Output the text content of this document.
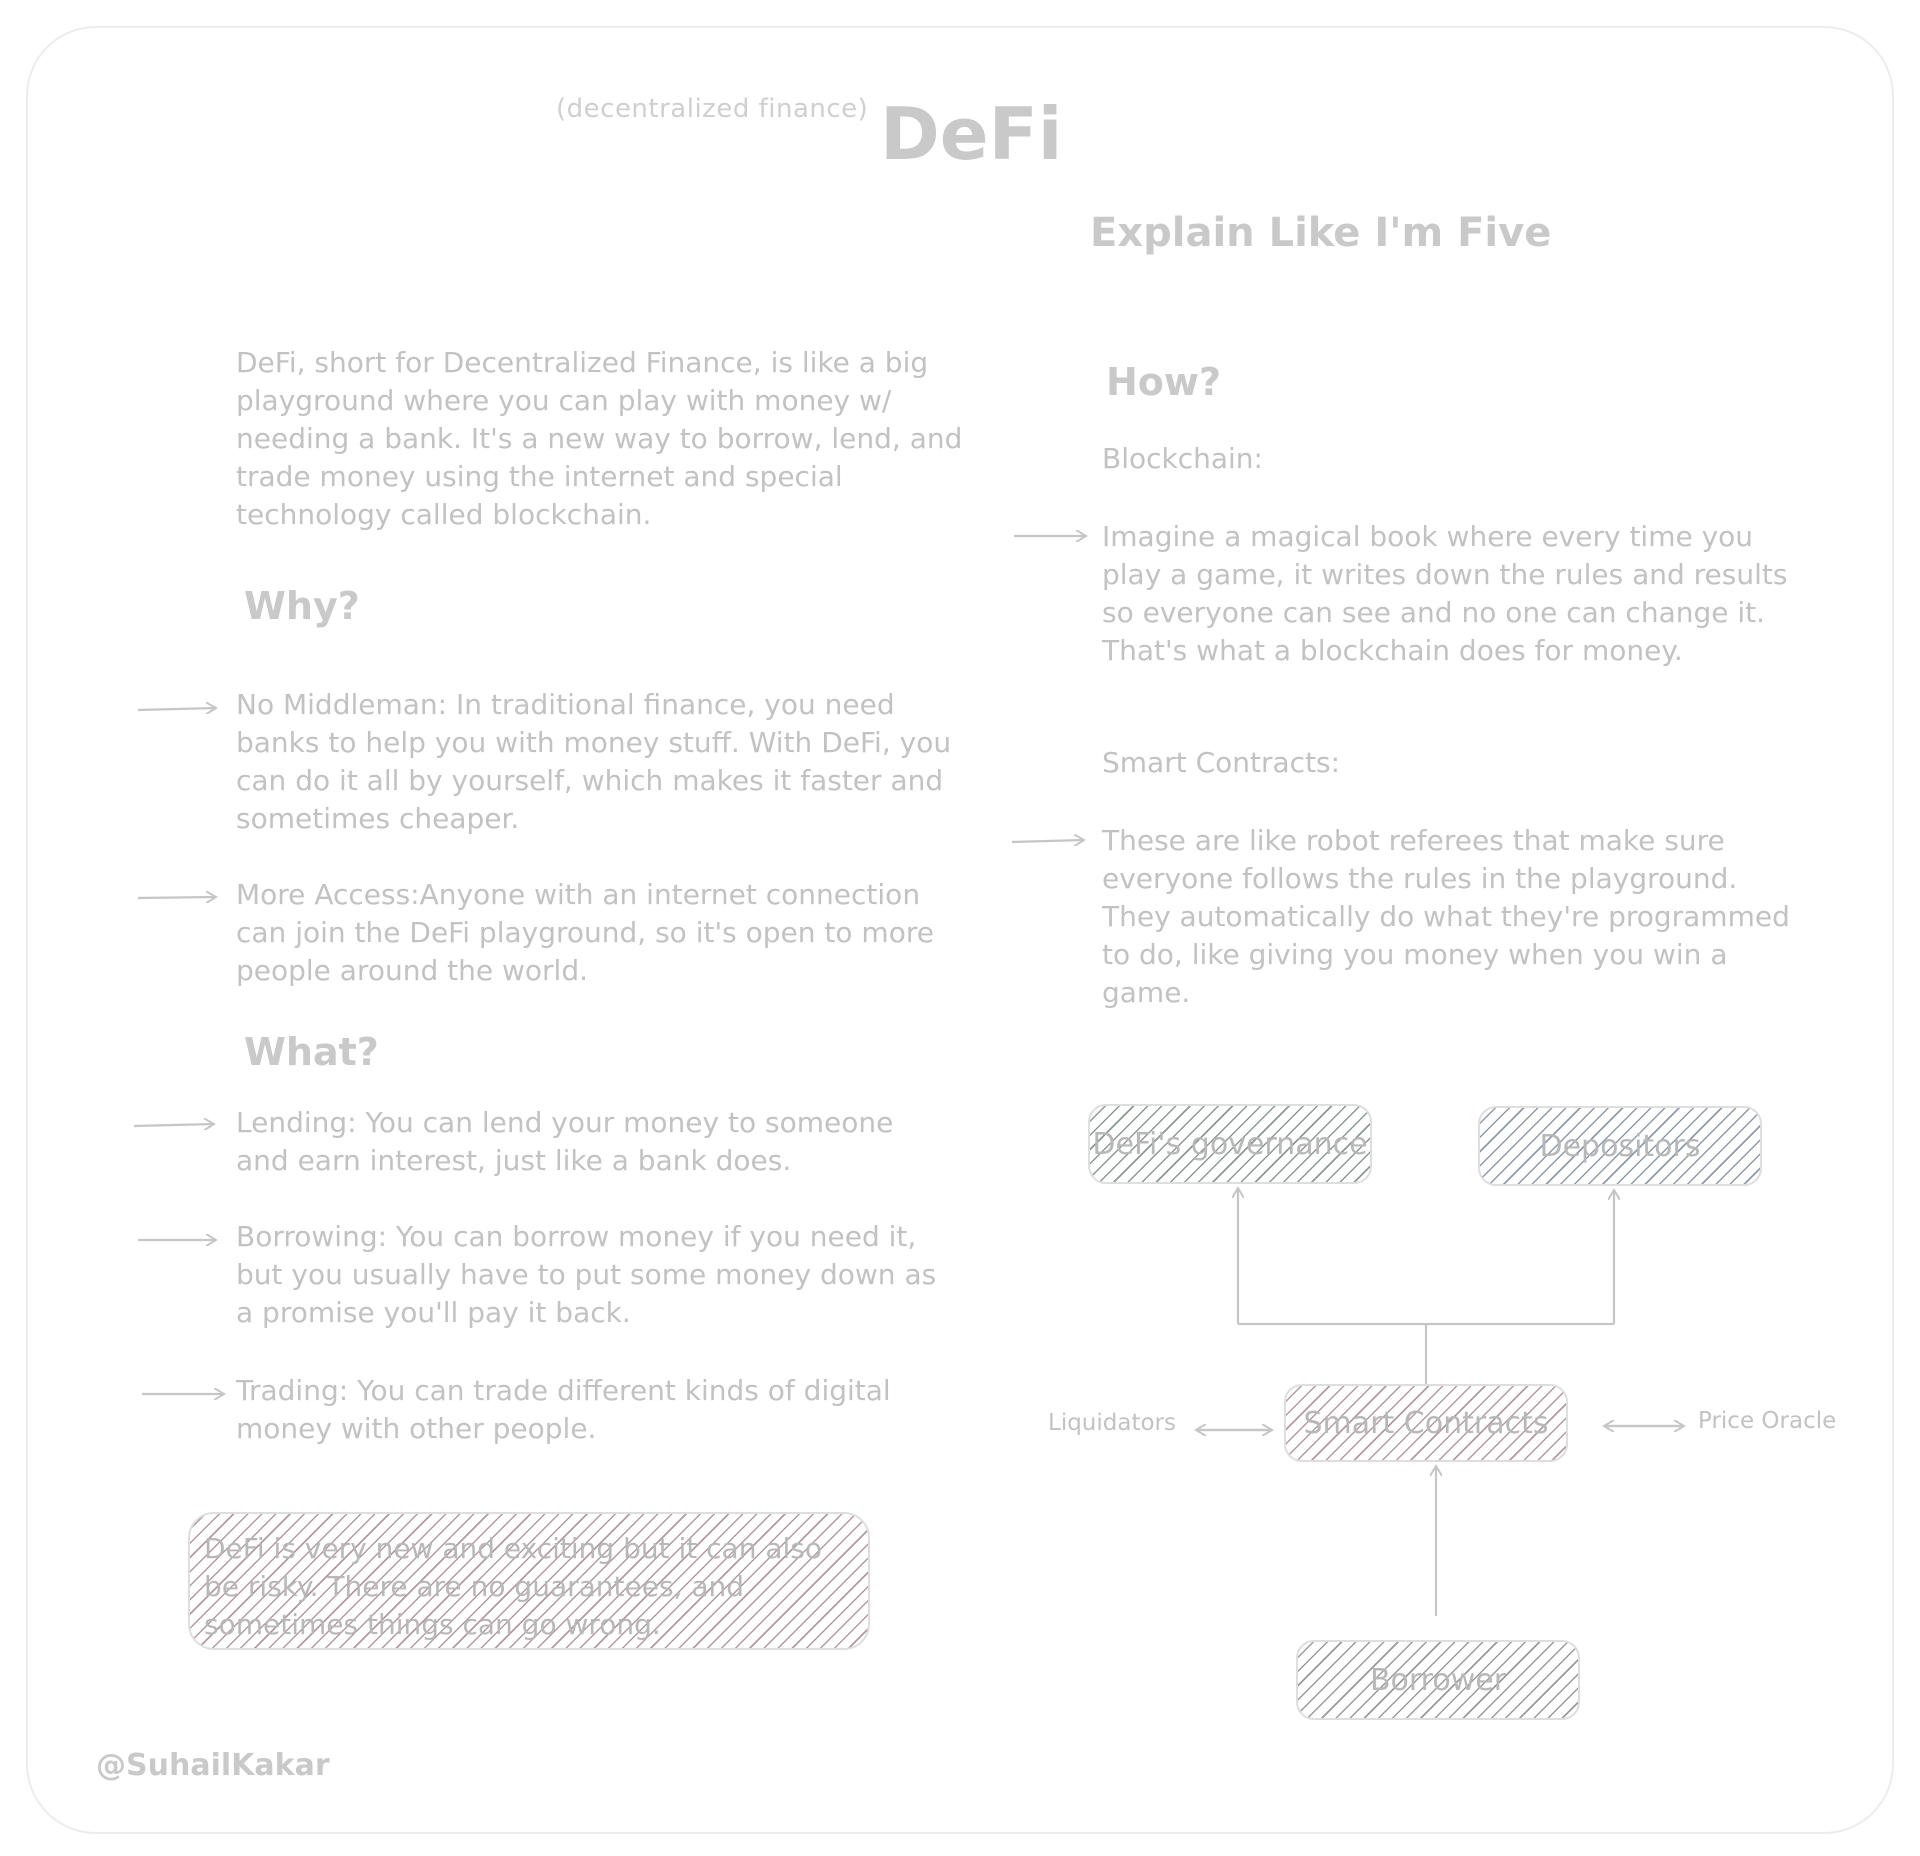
(decentralized finance) DeFi
Explain Like I'm Five
DeFi, short for Decentralized Finance, is like a big playground where you can play with money w/ needing a bank. It's a new way to borrow, lend, and trade money using the internet and special technology called blockchain.
Why?
No Middleman: In traditional finance, you need banks to help you with money stuff. With DeFi, you can do it all by yourself, which makes it faster and sometimes cheaper.
More Access:Anyone with an internet connection can join the DeFi playground, so it's open to more people around the world.
What?
Lending: You can lend your money to someone and earn interest, just like a bank does.
Borrowing: You can borrow money if you need it, but you usually have to put some money down as a promise you'll pay it back.
Trading: You can trade different kinds of digital money with other people.
DeFi is very new and exciting but it can also be risky. There are no guarantees, and sometimes things can go wrong.
@SuhailKakar
How?
Blockchain:
Imagine a magical book where every time you play a game, it writes down the rules and results so everyone can see and no one can change it. That's what a blockchain does for money.
Smart Contracts:
These are like robot referees that make sure everyone follows the rules in the playground. They automatically do what they're programmed to do, like giving you money when you win a game.
DeFi's governance	Depositors
Smart Contracts
Borrower
Liquidators	Price Oracle
